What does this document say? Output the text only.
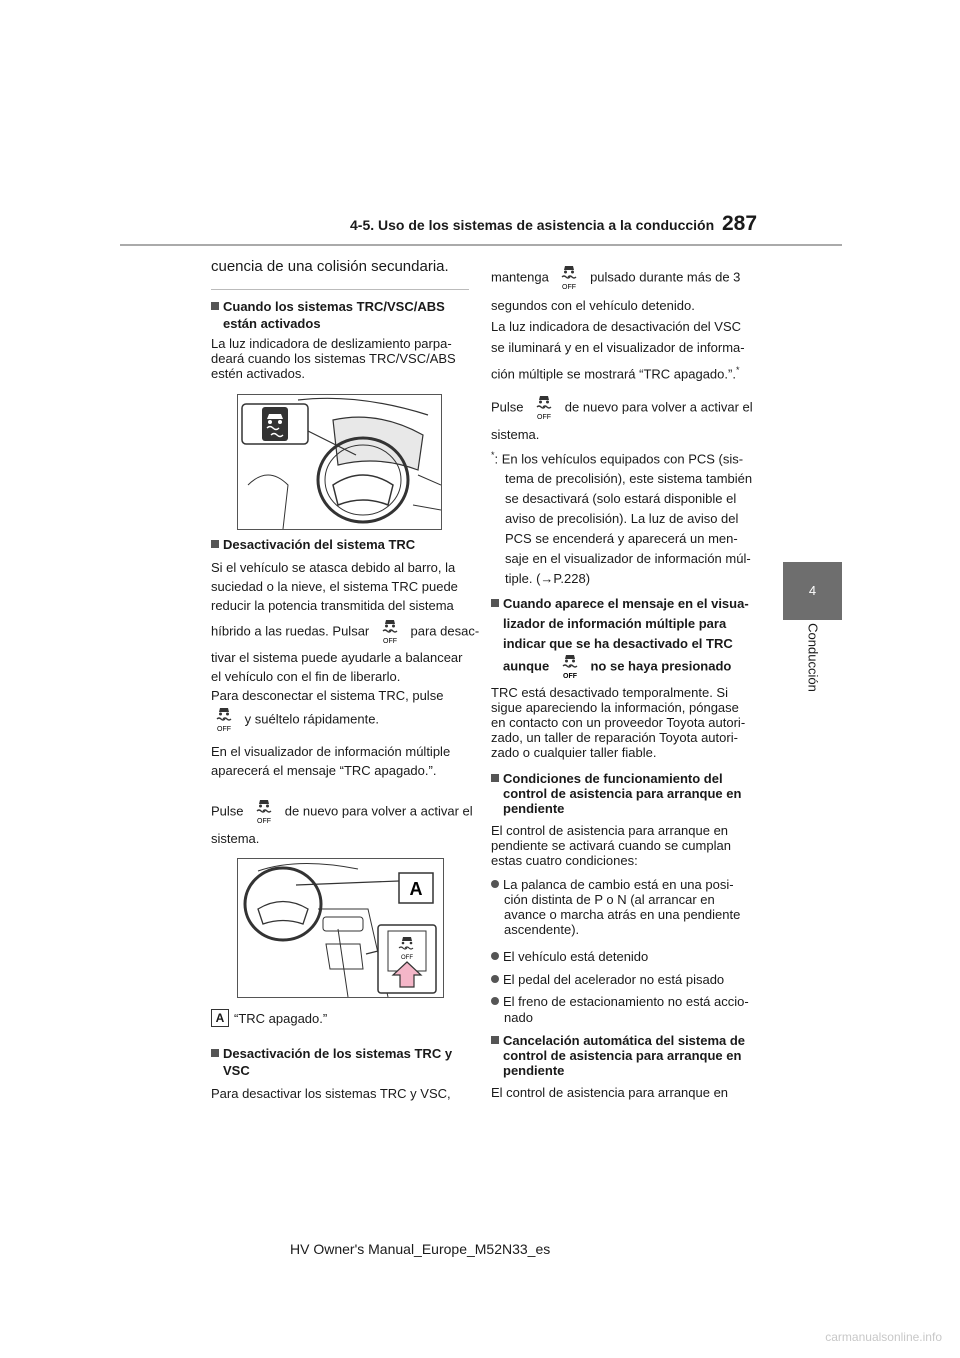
4-5. Uso de los sistemas de asistencia a la conducción 287
4
Conducción
cuencia de una colisión secundaria.
Cuando los sistemas TRC/VSC/ABS
están activados
La luz indicadora de deslizamiento parpa-
deará cuando los sistemas TRC/VSC/ABS
estén activados.
Desactivación del sistema TRC
Si el vehículo se atasca debido al barro, la
suciedad o la nieve, el sistema TRC puede
reducir la potencia transmitida del sistema
híbrido a las ruedas. Pulsar
OFF
para desac-
tivar el sistema puede ayudarle a balancear
el vehículo con el fin de liberarlo.
Para desconectar el sistema TRC, pulse
OFF
y suéltelo rápidamente.
En el visualizador de información múltiple
aparecerá el mensaje “TRC apagado.”.
Pulse
OFF
de nuevo para volver a activar el
sistema.
A
OFF
A “TRC apagado.”
Desactivación de los sistemas TRC y
VSC
Para desactivar los sistemas TRC y VSC,
mantenga
OFF
pulsado durante más de 3
segundos con el vehículo detenido.
La luz indicadora de desactivación del VSC
se iluminará y en el visualizador de informa-
ción múltiple se mostrará “TRC apagado.”.*
Pulse
OFF
de nuevo para volver a activar el
sistema.
*: En los vehículos equipados con PCS (sis-
tema de precolisión), este sistema también
se desactivará (solo estará disponible el
aviso de precolisión). La luz de aviso del
PCS se encenderá y aparecerá un men-
saje en el visualizador de información múl-
tiple. (→P.228)
Cuando aparece el mensaje en el visua-
lizador de información múltiple para
indicar que se ha desactivado el TRC
aunque
OFF
no se haya presionado
TRC está desactivado temporalmente. Si
sigue apareciendo la información, póngase
en contacto con un proveedor Toyota autori-
zado, un taller de reparación Toyota autori-
zado o cualquier taller fiable.
Condiciones de funcionamiento del
control de asistencia para arranque en
pendiente
El control de asistencia para arranque en
pendiente se activará cuando se cumplan
estas cuatro condiciones:
La palanca de cambio está en una posi-
ción distinta de P o N (al arrancar en
avance o marcha atrás en una pendiente
ascendente).
El vehículo está detenido
El pedal del acelerador no está pisado
El freno de estacionamiento no está accio-
nado
Cancelación automática del sistema de
control de asistencia para arranque en
pendiente
El control de asistencia para arranque en
HV Owner's Manual_Europe_M52N33_es
carmanualsonline.info
